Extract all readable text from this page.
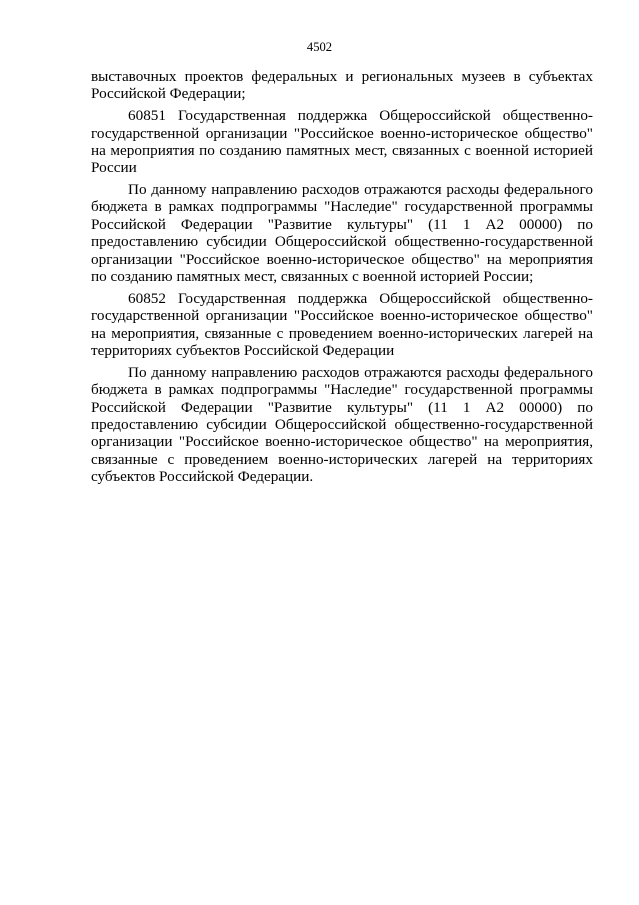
4502

выставочных проектов федеральных и региональных музеев в субъектах Российской Федерации;

60851 Государственная поддержка Общероссийской общественно-государственной организации "Российское военно-историческое общество" на мероприятия по созданию памятных мест, связанных с военной историей России

По данному направлению расходов отражаются расходы федерального бюджета в рамках подпрограммы "Наследие" государственной программы Российской Федерации "Развитие культуры" (11 1 А2 00000) по предоставлению субсидии Общероссийской общественно-государственной организации "Российское военно-историческое общество" на мероприятия по созданию памятных мест, связанных с военной историей России;

60852 Государственная поддержка Общероссийской общественно-государственной организации "Российское военно-историческое общество" на мероприятия, связанные с проведением военно-исторических лагерей на территориях субъектов Российской Федерации

По данному направлению расходов отражаются расходы федерального бюджета в рамках подпрограммы "Наследие" государственной программы Российской Федерации "Развитие культуры" (11 1 А2 00000) по предоставлению субсидии Общероссийской общественно-государственной организации "Российское военно-историческое общество" на мероприятия, связанные с проведением военно-исторических лагерей на территориях субъектов Российской Федерации.
